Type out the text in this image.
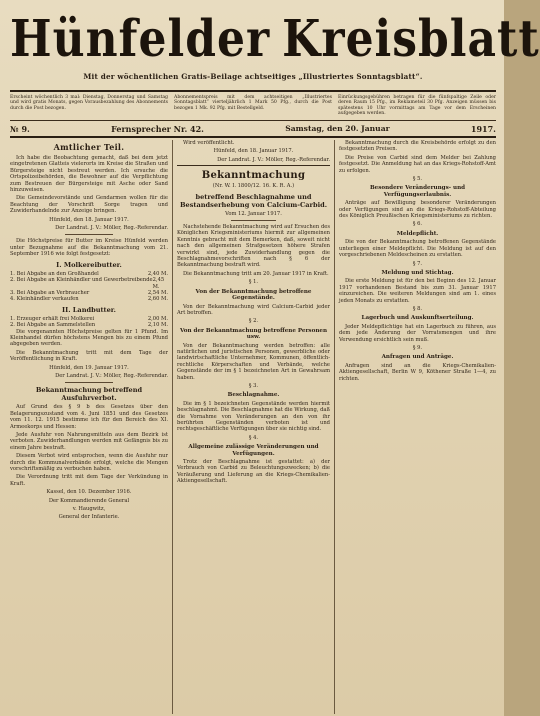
Hünfelder Kreisblatt
Mit der wöchentlichen Gratis-Beilage achtseitiges „Illustriertes Sonntagsblatt“.

Erscheint wöchentlich 3 mal: Dienstag, Donnerstag und Samstag und wird gratis Monats, gegen Vorausbezahlung des Abonnements durch die Post bezogen.

Abonnementspreis mit dem achtseitigen „Illustriertes Sonntagsblatt“ vierteljährlich 1 Mark 50 Pfg., durch die Post bezogen 1 Mk. 92 Pfg. mit Bestellgeld.

Einrückungsgebühren betragen für die fünfspaltige Zeile oder deren Raum 15 Pfg., im Reklameteil 30 Pfg. Anzeigen müssen bis spätestens 10 Uhr vormittags am Tage vor dem Erscheinen aufgegeben werden.

№ 9.	Fernsprecher Nr. 42.	Samstag, den 20. Januar	1917.
Amtlicher Teil.

Ich habe die Beobachtung gemacht, daß bei dem jetzt eingetretenen Glatteis vielerorts im Kreise die Straßen und Bürgersteige nicht bestreut werden. Ich ersuche die Ortspolizeibehörden, die Bewohner auf die Verpflichtung zum Bestreuen der Bürgersteige mit Asche oder Sand hinzuweisen.

Die Gemeindevorstände und Gendarmen wollen für die Beachtung der Vorschrift Sorge tragen und Zuwiderhandelnde zur Anzeige bringen.

Hünfeld, den 18. Januar 1917.

Der Landrat. J. V.: Möller, Reg.-Referendar.

Die Höchstpreise für Butter im Kreise Hünfeld werden unter Bezugnahme auf die Bekanntmachung vom 21. September 1916 wie folgt festgesetzt:

I. Molkereibutter.
1. Bei Abgabe an den Großhandel	2,40 M.
2. Bei Abgabe an Kleinhändler und Gewerbetreibende 2,45 M.
3. Bei Abgabe an Verbraucher	2,54 M.
4. Kleinhändler verkaufen	2,60 M.
II. Landbutter.
1. Erzeuger erhält frei Molkerei	2,00 M.
2. Bei Abgabe an Sammelstellen	2,10 M.

Die vorgenannten Höchstpreise gelten für 1 Pfund. Im Kleinhandel dürfen höchstens Mengen bis zu einem Pfund abgegeben werden.

Die Bekanntmachung tritt mit dem Tage der Veröffentlichung in Kraft.

Hünfeld, den 19. Januar 1917.

Der Landrat. J. V.: Möller, Reg.-Referendar.

Bekanntmachung betreffend Ausfuhrverbot.

Auf Grund des § 9 b des Gesetzes über den Belagerungszustand vom 4. Juni 1851 und des Gesetzes vom 11. 12. 1915 bestimme ich für den Bereich des XI. Armeekorps und Hessen:

Jede Ausfuhr von Nahrungsmitteln aus dem Bezirk ist verboten. Zuwiderhandlungen werden mit Gefängnis bis zu einem Jahre bestraft.

Diesem Verbot wird entsprochen, wenn die Ausfuhr nur durch die Kommunalverbände erfolgt, welche die Mengen vorschriftsmäßig zu verbuchen haben.

Die Verordnung tritt mit dem Tage der Verkündung in Kraft.

Kassel, den 10. Dezember 1916.

Der Kommandierende General

v. Haugwitz,

General der Infanterie.

Wird veröffentlicht.

Hünfeld, den 18. Januar 1917.

Der Landrat. J. V.: Möller, Reg.-Referendar.

Bekanntmachung

(Nr. W. I. 1800/12. 16. K. R. A.)

betreffend Beschlagnahme und Bestandserhebung von Calcium-Carbid.

Vom 12. Januar 1917.

Nachstehende Bekanntmachung wird auf Ersuchen des Königlichen Kriegsministeriums hiermit zur allgemeinen Kenntnis gebracht mit dem Bemerken, daß, soweit nicht nach den allgemeinen Strafgesetzen höhere Strafen verwirkt sind, jede Zuwiderhandlung gegen die Beschlagnahmevorschriften nach § 6 der Bekanntmachung bestraft wird.

Die Bekanntmachung tritt am 20. Januar 1917 in Kraft.

§ 1.

Von der Bekanntmachung betroffene Gegenstände.

Von der Bekanntmachung wird Calcium-Carbid jeder Art betroffen.

§ 2.

Von der Bekanntmachung betroffene Personen usw.

Von der Bekanntmachung werden betroffen: alle natürlichen und juristischen Personen, gewerbliche oder landwirtschaftliche Unternehmer, Kommunen, öffentlich-rechtliche Körperschaften und Verbände, welche Gegenstände der im § 1 bezeichneten Art in Gewahrsam haben.

§ 3.

Beschlagnahme.

Die im § 1 bezeichneten Gegenstände werden hiermit beschlagnahmt. Die Beschlagnahme hat die Wirkung, daß die Vornahme von Veränderungen an den von ihr berührten Gegenständen verboten ist und rechtsgeschäftliche Verfügungen über sie nichtig sind.

§ 4.

Allgemeine zulässige Veränderungen und Verfügungen.

Trotz der Beschlagnahme ist gestattet: a) der Verbrauch von Carbid zu Beleuchtungszwecken; b) die Veräußerung und Lieferung an die Kriegs-Chemikalien-Aktiengesellschaft.

Bekanntmachung durch die Kreisbehörde erfolgt zu den festgesetzten Preisen.

Die Preise von Carbid sind dem Melder bei Zahlung festgesetzt. Die Anmeldung hat an das Kriegs-Rohstoff-Amt zu erfolgen.

§ 5.

Besondere Veränderungs- und Verfügungserlaubnis.

Anträge auf Bewilligung besonderer Veränderungen oder Verfügungen sind an die Kriegs-Rohstoff-Abteilung des Königlich Preußischen Kriegsministeriums zu richten.

§ 6.

Meldepflicht.

Die von der Bekanntmachung betroffenen Gegenstände unterliegen einer Meldepflicht. Die Meldung ist auf den vorgeschriebenen Meldescheinen zu erstatten.

§ 7.

Meldung und Stichtag.

Die erste Meldung ist für den bei Beginn des 12. Januar 1917 vorhandenen Bestand bis zum 31. Januar 1917 einzureichen. Die weiteren Meldungen sind am 1. eines jeden Monats zu erstatten.

§ 8.

Lagerbuch und Auskunftserteilung.

Jeder Meldepflichtige hat ein Lagerbuch zu führen, aus dem jede Änderung der Vorratsmengen und ihre Verwendung ersichtlich sein muß.

§ 9.

Anfragen und Anträge.

Anfragen sind an die Kriegs-Chemikalien-Aktiengesellschaft, Berlin W 9, Köthener Straße 1—4, zu richten.
